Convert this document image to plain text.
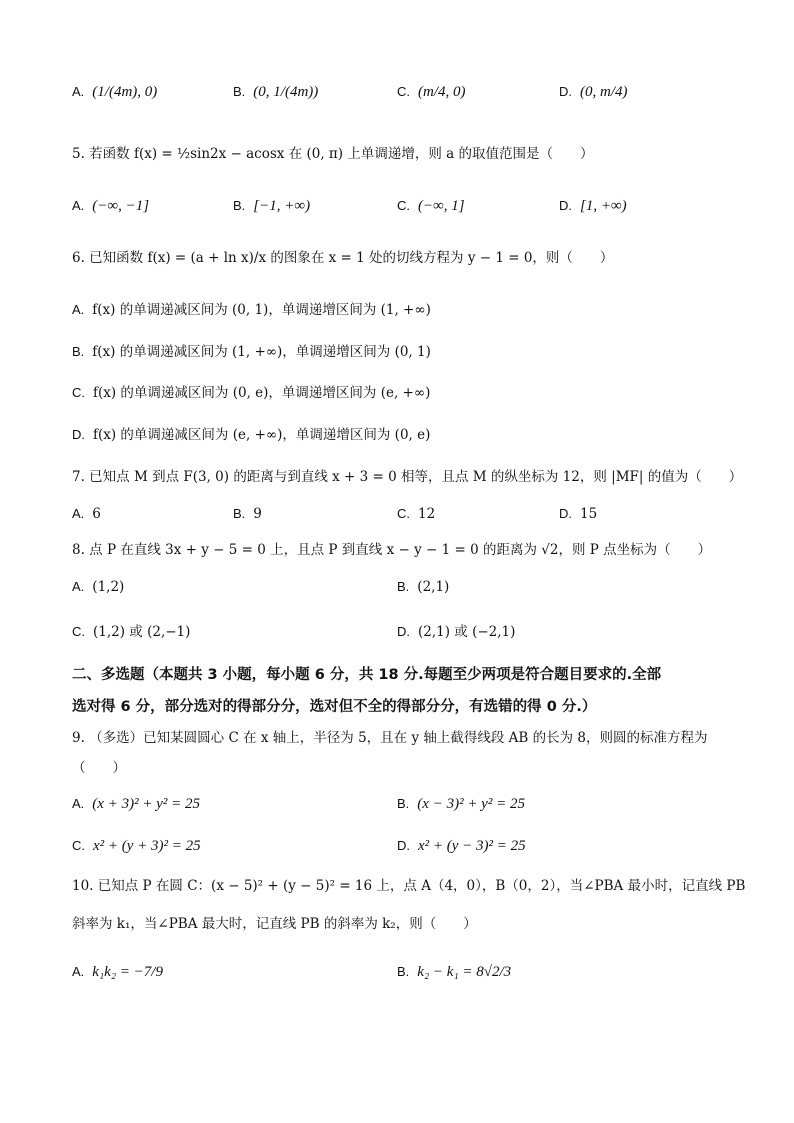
A. (1/(4m), 0)	B. (0, 1/(4m))	C. (m/4, 0)	D. (0, m/4)
5. 若函数 f(x) = ½sin2x − acosx 在 (0, π) 上单调递增，则 a 的取值范围是（　　）
A. (−∞, −1]	B. [−1, +∞)	C. (−∞, 1]	D. [1, +∞)
6. 已知函数 f(x) = (a + ln x)/x 的图象在 x = 1 处的切线方程为 y − 1 = 0，则（　　）
A. f(x) 的单调递减区间为 (0, 1)，单调递增区间为 (1, +∞)
B. f(x) 的单调递减区间为 (1, +∞)，单调递增区间为 (0, 1)
C. f(x) 的单调递减区间为 (0, e)，单调递增区间为 (e, +∞)
D. f(x) 的单调递减区间为 (e, +∞)，单调递增区间为 (0, e)
7. 已知点 M 到点 F(3, 0) 的距离与到直线 x + 3 = 0 相等，且点 M 的纵坐标为 12，则 |MF| 的值为（　　）
A. 6	B. 9	C. 12	D. 15
8. 点 P 在直线 3x + y − 5 = 0 上，且点 P 到直线 x − y − 1 = 0 的距离为 √2，则 P 点坐标为（　　）
A. (1,2)	B. (2,1)
C. (1,2) 或 (2,−1)	D. (2,1) 或 (−2,1)
二、多选题（本题共 3 小题，每小题 6 分，共 18 分.每题至少两项是符合题目要求的.全部
选对得 6 分，部分选对的得部分分，选对但不全的得部分分，有选错的得 0 分.）
9. （多选）已知某圆圆心 C 在 x 轴上，半径为 5，且在 y 轴上截得线段 AB 的长为 8，则圆的标准方程为
（　　）
A. (x + 3)² + y² = 25	B. (x − 3)² + y² = 25
C. x² + (y + 3)² = 25	D. x² + (y − 3)² = 25
10. 已知点 P 在圆 C：(x − 5)² + (y − 5)² = 16 上，点 A（4，0），B（0，2），当∠PBA 最小时，记直线 PB
斜率为 k₁，当∠PBA 最大时，记直线 PB 的斜率为 k₂，则（　　）
A. k₁k₂ = −7/9	B. k₂ − k₁ = 8√2/3
